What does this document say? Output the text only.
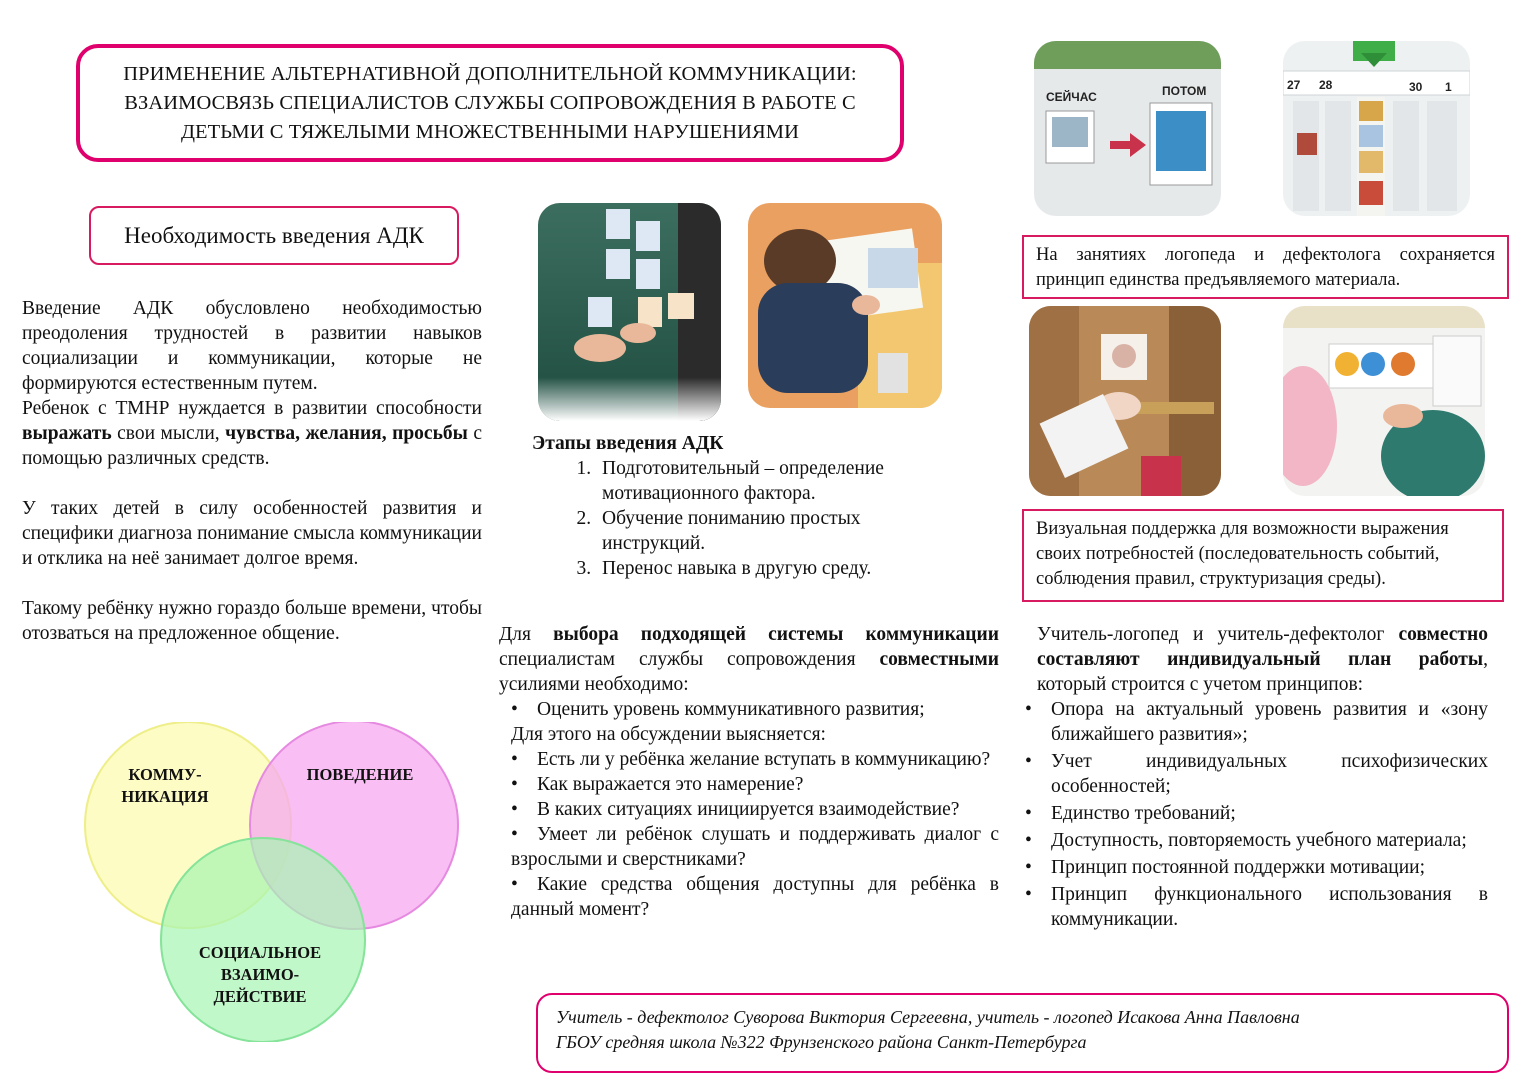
ПРИМЕНЕНИЕ АЛЬТЕРНАТИВНОЙ ДОПОЛНИТЕЛЬНОЙ КОММУНИКАЦИИ: ВЗАИМОСВЯЗЬ СПЕЦИАЛИСТОВ СЛУЖБЫ СОПРОВОЖДЕНИЯ В РАБОТЕ С ДЕТЬМИ С ТЯЖЕЛЫМИ МНОЖЕСТВЕННЫМИ НАРУШЕНИЯМИ
Необходимость введения АДК

Введение АДК обусловлено необходимостью преодоления трудностей в развитии навыков социализации и коммуникации, которые не формируются естественным путем.

Ребенок с ТМНР нуждается в развитии способности выражать свои мысли, чувства, желания, просьбы с помощью различных средств.

У таких детей в силу особенностей развития и специфики диагноза понимание смысла коммуникации и отклика на неё занимает долгое время.

Такому ребёнку нужно гораздо больше времени, чтобы отозваться на предложенное общение.

КОММУ-
НИКАЦИЯ
ПОВЕДЕНИЕ
СОЦИАЛЬНОЕ
ВЗАИМО-
ДЕЙСТВИЕ
СЕЙЧАС	ПОТОМ	27 28	30 1

На занятиях логопеда и дефектолога сохраняется принцип единства предъявляемого материала.

Визуальная поддержка для возможности выражения своих потребностей (последовательность событий, соблюдения правил, структуризация среды).

Этапы введения АДК

1. Подготовительный – определение мотивационного фактора.
2. Обучение пониманию простых инструкций.
3. Перенос навыка в другую среду.

Для выбора подходящей системы коммуникации специалистам службы сопровождения совместными усилиями необходимо:

• Оценить уровень коммуникативного развития;

Для этого на обсуждении выясняется:

• Есть ли у ребёнка желание вступать в коммуникацию?
• Как выражается это намерение?
• В каких ситуациях инициируется взаимодействие?
• Умеет ли ребёнок слушать и поддерживать диалог с взрослыми и сверстниками?
• Какие средства общения доступны для ребёнка в данный момент?

Учитель-логопед и учитель-дефектолог совместно составляют индивидуальный план работы, который строится с учетом принципов:

• Опора на актуальный уровень развития и «зону ближайшего развития»;
• Учет индивидуальных психофизических особенностей;
• Единство требований;
• Доступность, повторяемость учебного материала;
• Принцип постоянной поддержки мотивации;
• Принцип функционального использования в коммуникации.

Учитель - дефектолог Суворова Виктория Сергеевна, учитель - логопед Исакова Анна Павловна

ГБОУ средняя школа №322 Фрунзенского района Санкт-Петербурга
